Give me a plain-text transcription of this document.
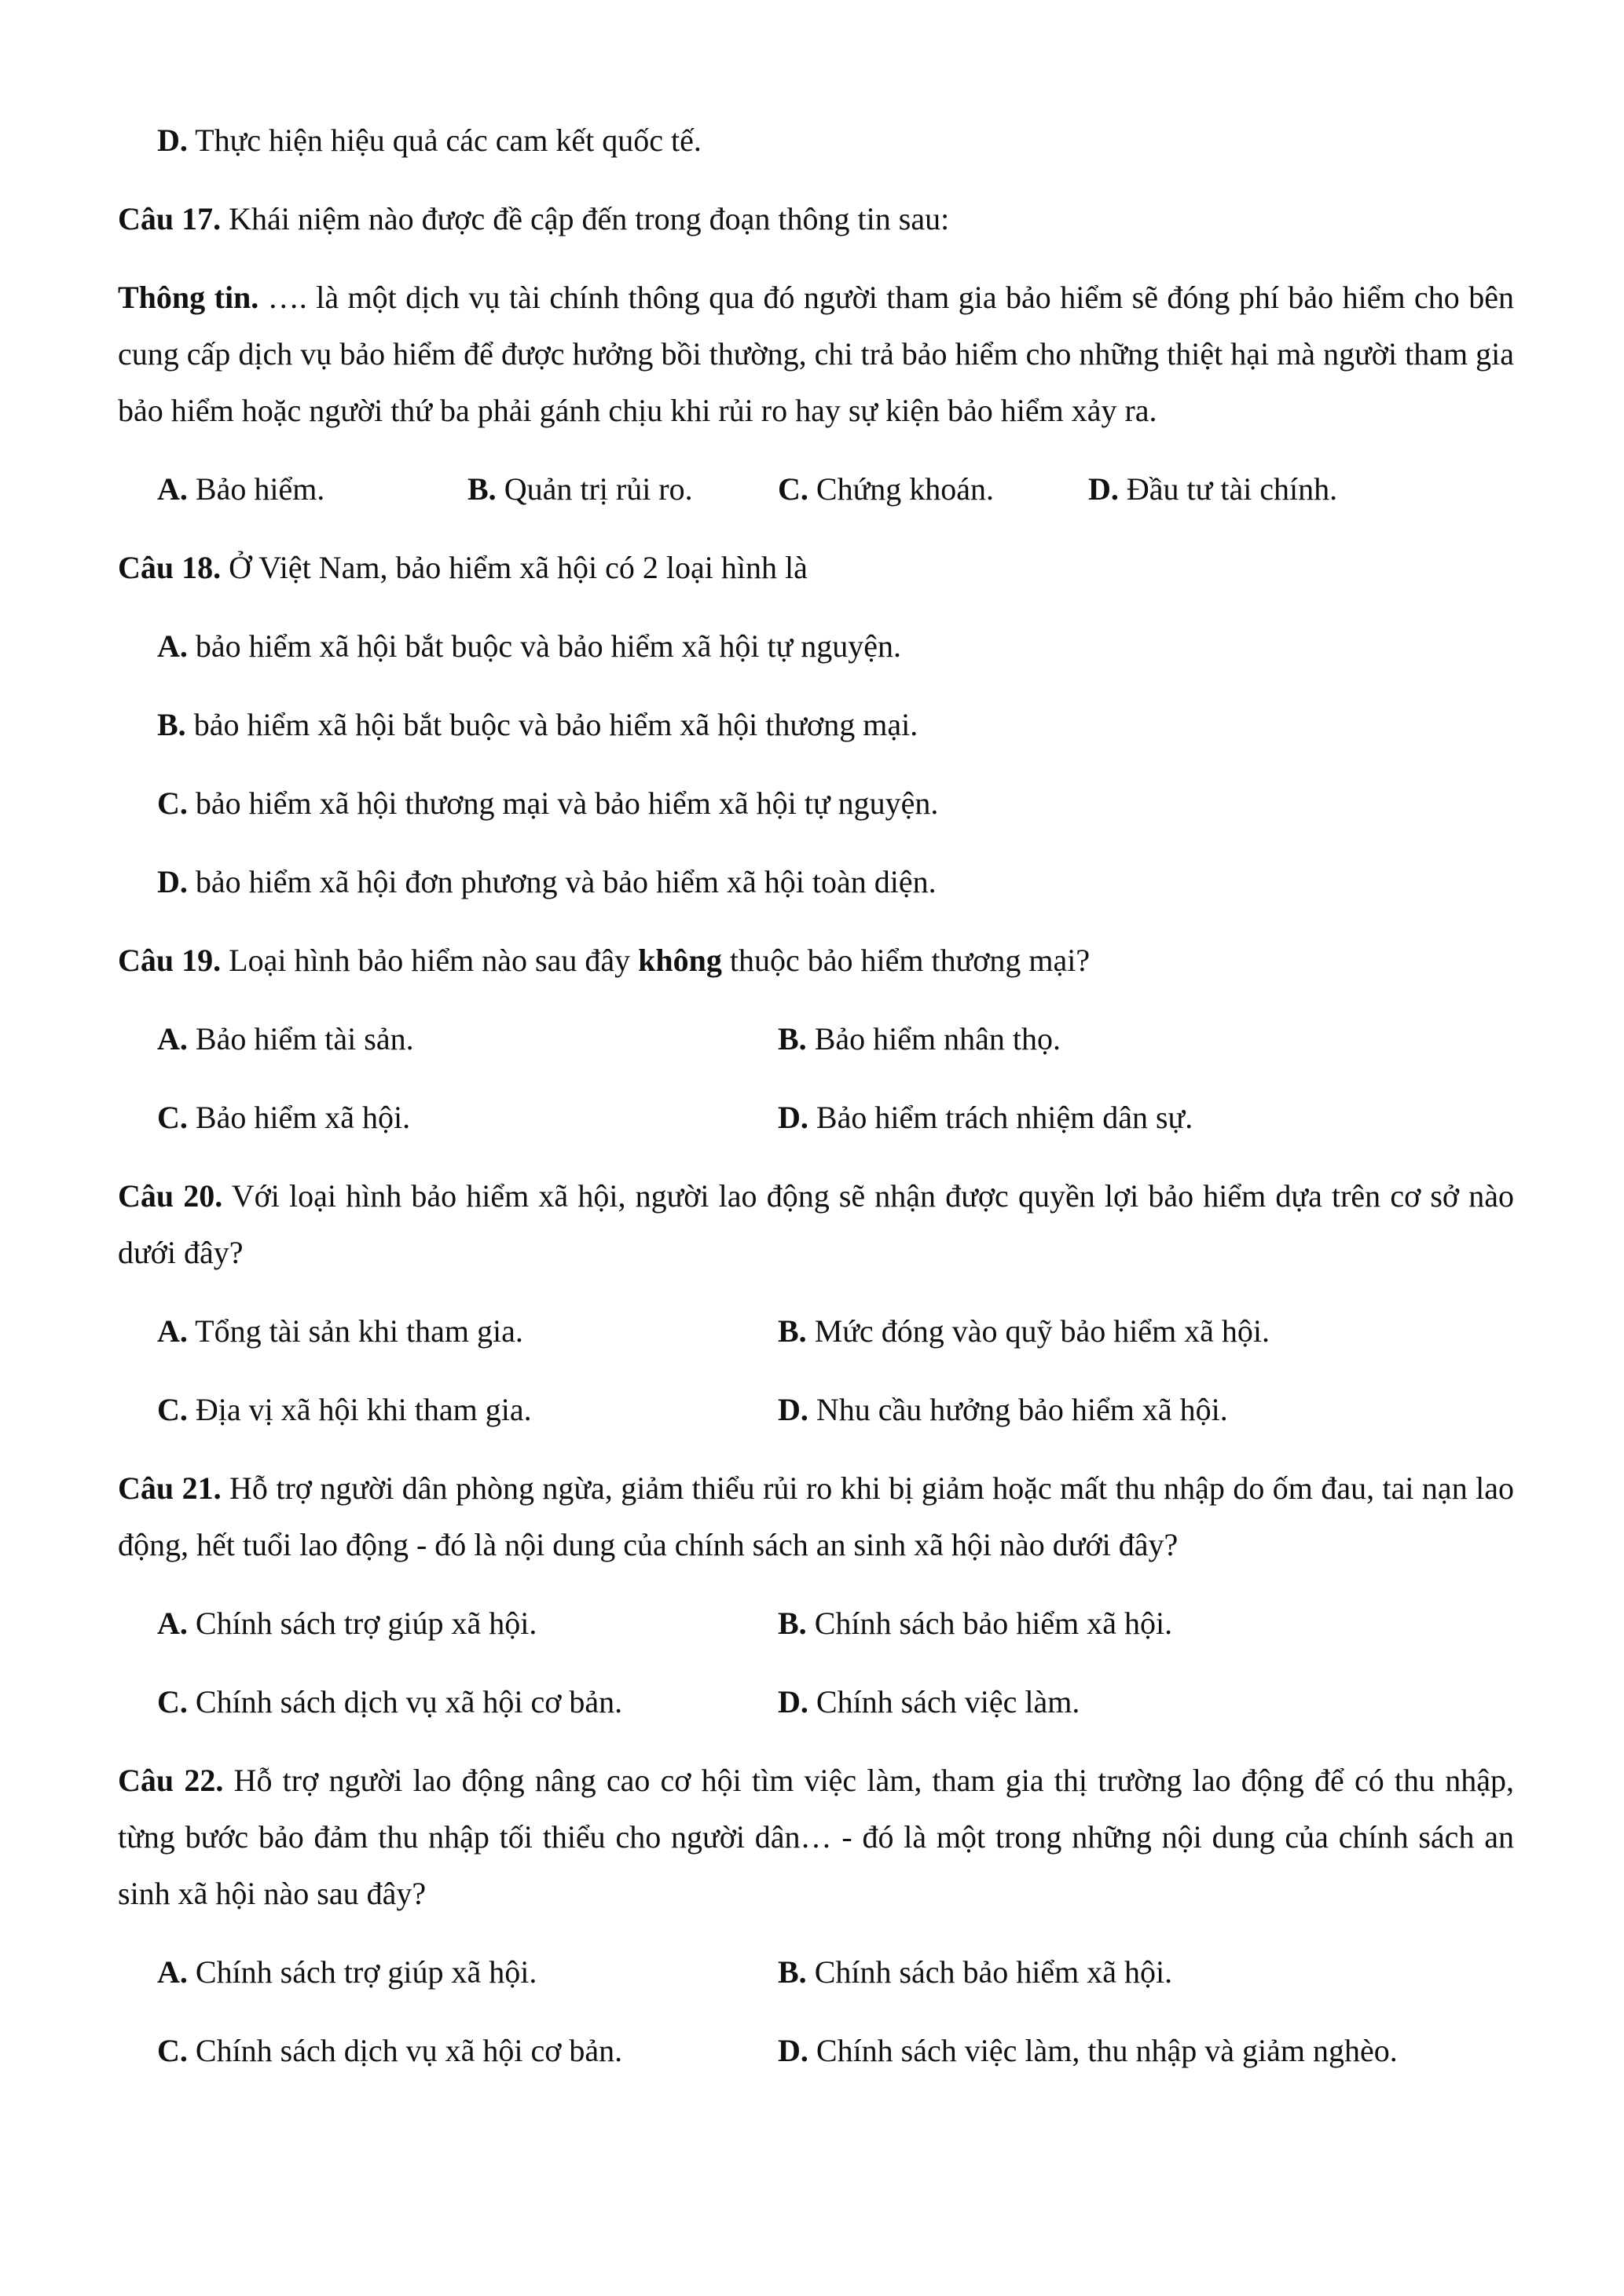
D. Thực hiện hiệu quả các cam kết quốc tế.
Câu 17. Khái niệm nào được đề cập đến trong đoạn thông tin sau:
Thông tin. …. là một dịch vụ tài chính thông qua đó người tham gia bảo hiểm sẽ đóng phí bảo hiểm cho bên cung cấp dịch vụ bảo hiểm để được hưởng bồi thường, chi trả bảo hiểm cho những thiệt hại mà người tham gia bảo hiểm hoặc người thứ ba phải gánh chịu khi rủi ro hay sự kiện bảo hiểm xảy ra.
A. Bảo hiểm.	B. Quản trị rủi ro.	C. Chứng khoán.	D. Đầu tư tài chính.
Câu 18. Ở Việt Nam, bảo hiểm xã hội có 2 loại hình là
A. bảo hiểm xã hội bắt buộc và bảo hiểm xã hội tự nguyện.
B. bảo hiểm xã hội bắt buộc và bảo hiểm xã hội thương mại.
C. bảo hiểm xã hội thương mại và bảo hiểm xã hội tự nguyện.
D. bảo hiểm xã hội đơn phương và bảo hiểm xã hội toàn diện.
Câu 19. Loại hình bảo hiểm nào sau đây không thuộc bảo hiểm thương mại?
A. Bảo hiểm tài sản.	B. Bảo hiểm nhân thọ.
C. Bảo hiểm xã hội.	D. Bảo hiểm trách nhiệm dân sự.
Câu 20. Với loại hình bảo hiểm xã hội, người lao động sẽ nhận được quyền lợi bảo hiểm dựa trên cơ sở nào dưới đây?
A. Tổng tài sản khi tham gia.	B. Mức đóng vào quỹ bảo hiểm xã hội.
C. Địa vị xã hội khi tham gia.	D. Nhu cầu hưởng bảo hiểm xã hội.
Câu 21. Hỗ trợ người dân phòng ngừa, giảm thiểu rủi ro khi bị giảm hoặc mất thu nhập do ốm đau, tai nạn lao động, hết tuổi lao động - đó là nội dung của chính sách an sinh xã hội nào dưới đây?
A. Chính sách trợ giúp xã hội.	B. Chính sách bảo hiểm xã hội.
C. Chính sách dịch vụ xã hội cơ bản.	D. Chính sách việc làm.
Câu 22. Hỗ trợ người lao động nâng cao cơ hội tìm việc làm, tham gia thị trường lao động để có thu nhập, từng bước bảo đảm thu nhập tối thiểu cho người dân… - đó là một trong những nội dung của chính sách an sinh xã hội nào sau đây?
A. Chính sách trợ giúp xã hội.	B. Chính sách bảo hiểm xã hội.
C. Chính sách dịch vụ xã hội cơ bản.	D. Chính sách việc làm, thu nhập và giảm nghèo.
